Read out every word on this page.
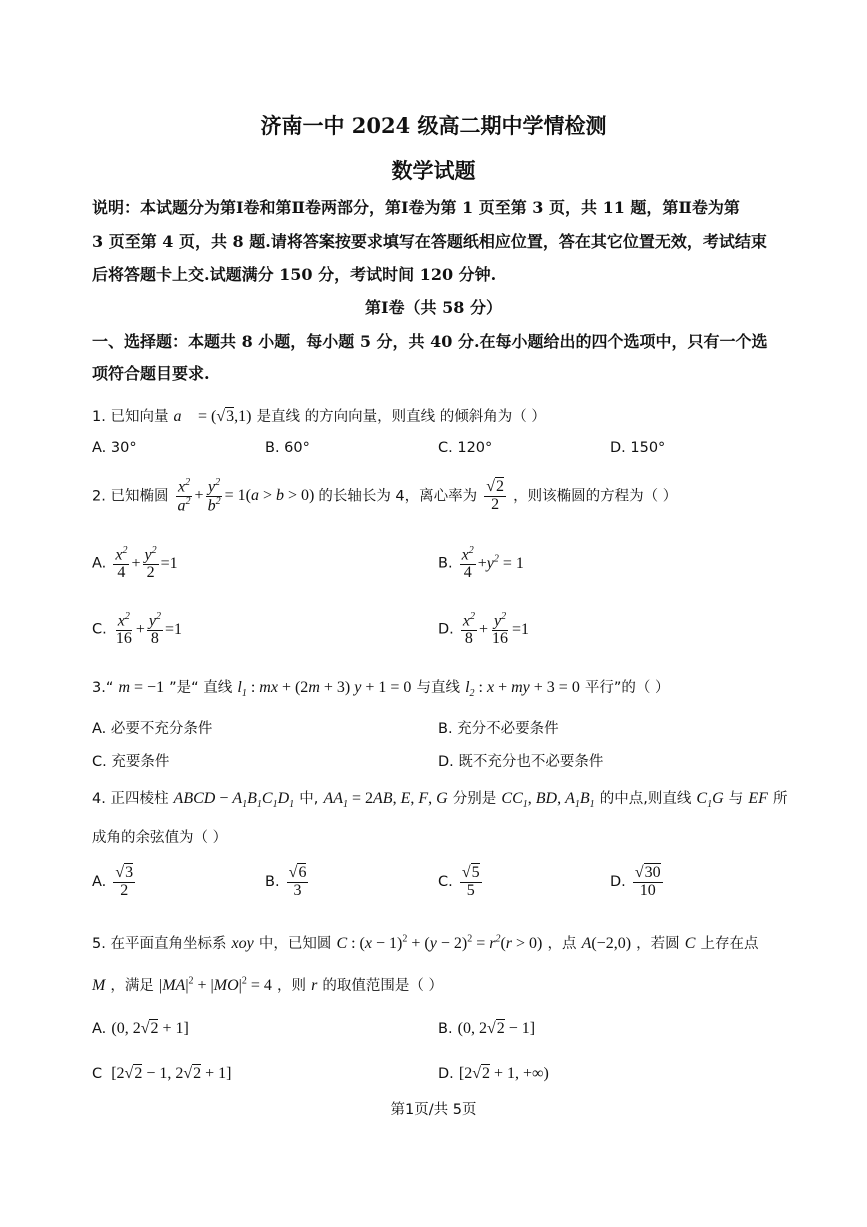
济南一中 2024 级高二期中学情检测
数学试题
说明：本试题分为第Ⅰ卷和第Ⅱ卷两部分，第Ⅰ卷为第 1 页至第 3 页，共 11 题，第Ⅱ卷为第
3 页至第 4 页，共 8 题.请将答案按要求填写在答题纸相应位置，答在其它位置无效，考试结束
后将答题卡上交.试题满分 150 分，考试时间 120 分钟.
第Ⅰ卷（共 58 分）
一、选择题：本题共 8 小题，每小题 5 分，共 40 分.在每小题给出的四个选项中，只有一个选
项符合题目要求.
1. 已知向量 a⃗ = (√3,1) 是直线 的方向向量，则直线 的倾斜角为（ ）
A. 30°	B. 60°	C. 120°	D. 150°
2. 已知椭圆 $\frac{x^2}{a^2} + \frac{y^2}{b^2} = 1(a > b > 0)$ 的长轴长为 4，离心率为 $\frac{√2}{2}$ ，则该椭圆的方程为（ ）
A. $\frac{x^2}{4} + \frac{y^2}{2} =1$	B. $\frac{x^2}{4} +y^2 = 1$
C. $\frac{x^2}{16} + \frac{y^2}{8} =1$	D. $\frac{x^2}{8} + \frac{y^2}{16} =1$
3.“ m = −1 ”是“ 直线 $l_1$ : mx + (2m + 3) y + 1 = 0 与直线 $l_2$ : x + my + 3 = 0 平行”的（ ）
A. 必要不充分条件	B. 充分不必要条件
C. 充要条件	D. 既不充分也不必要条件
4. 正四棱柱 ABCD − $A_1B_1C_1D_1$ 中, $AA_1 = 2AB$, E, F, G 分别是 $CC_1$, BD, $A_1B_1$ 的中点,则直线 $C_1G$ 与 EF 所
成角的余弦值为（ ）
A. $\frac{√3}{2}$	B. $\frac{√6}{3}$	C. $\frac{√5}{5}$	D. $\frac{√30}{10}$
5. 在平面直角坐标系 xoy 中，已知圆 C : $(x - 1)^2 + (y - 2)^2 = r^2(r > 0)$ ，点 A(−2,0) ，若圆 C 上存在点
M ，满足 $|MA|^2 + |MO|^2 = 4$ ，则 r 的取值范围是（ ）
A. (0, 2√2 + 1]	B. (0, 2√2 − 1]
C  [2√2 − 1, 2√2 + 1]	D. [2√2 + 1, +∞)
第1页/共 5页
